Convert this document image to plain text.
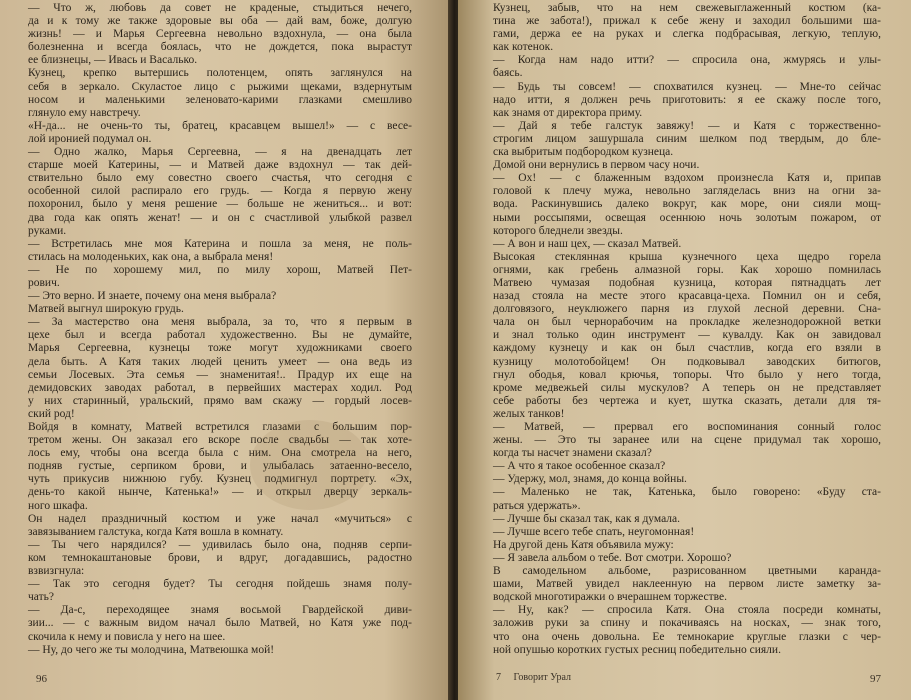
— Что ж, любовь да совет не краденые, стыдиться нечего,
да и к тому же также здоровые вы оба — дай вам, боже, долгую
жизнь! — и Марья Сергеевна невольно вздохнула, — она была
болезненна и всегда боялась, что не дождется, пока вырастут
ее близнецы, — Ивась и Васалько.
Кузнец, крепко вытершись полотенцем, опять заглянулся на
себя в зеркало. Скуластое лицо с рыжими щеками, вздернутым
носом и маленькими зеленовато-карими глазками смешливо
глянуло ему навстречу.
«Н-да... не очень-то ты, братец, красавцем вышел!» — с весе-
лой иронией подумал он.
— Одно жалко, Марья Сергеевна, — я на двенадцать лет
старше моей Катерины, — и Матвей даже вздохнул — так дей-
ствительно было ему совестно своего счастья, что сегодня с
особенной силой распирало его грудь. — Когда я первую жену
похоронил, было у меня решение — больше не жениться... и вот:
два года как опять женат! — и он с счастливой улыбкой развел
руками.
— Встретилась мне моя Катерина и пошла за меня, не поль-
стилась на молоденьких, как она, а выбрала меня!
— Не по хорошему мил, по милу хорош, Матвей Пет-
рович.
— Это верно. И знаете, почему она меня выбрала?
Матвей выгнул широкую грудь.
— За мастерство она меня выбрала, за то, что я первым в
цехе был и всегда работал художественно. Вы не думайте,
Марья Сергеевна, кузнецы тоже могут художниками своего
дела быть. А Катя таких людей ценить умеет — она ведь из
семьи Лосевых. Эта семья — знаменитая!.. Прадур их еще на
демидовских заводах работал, в первейших мастерах ходил. Род
у них старинный, уральский, прямо вам скажу — гордый лосев-
ский род!
Войдя в комнату, Матвей встретился глазами с большим пор-
третом жены. Он заказал его вскоре после свадьбы — так хоте-
лось ему, чтобы она всегда была с ним. Она смотрела на него,
подняв густые, серпиком брови, и улыбалась затаенно-весело,
чуть прикусив нижнюю губу. Кузнец подмигнул портрету. «Эх,
день-то какой нынче, Катенька!» — и открыл дверцу зеркаль-
ного шкафа.
Он надел праздничный костюм и уже начал «мучиться» с
завязыванием галстука, когда Катя вошла в комнату.
— Ты чего нарядился? — удивилась было она, подняв серпи-
ком темнокаштановые брови, и вдруг, догадавшись, радостно
взвизгнула:
— Так это сегодня будет? Ты сегодня пойдешь знамя полу-
чать?
— Да-с, переходящее знамя восьмой Гвардейской диви-
зии... — с важным видом начал было Матвей, но Катя уже под-
скочила к нему и повисла у него на шее.
— Ну, до чего же ты молодчина, Матвеюшка мой!
96
Кузнец, забыв, что на нем свежевыглаженный костюм (ка-
тина же забота!), прижал к себе жену и заходил большими ша-
гами, держа ее на руках и слегка подбрасывая, легкую, теплую,
как котенок.
— Когда нам надо итти? — спросила она, жмурясь и улы-
баясь.
— Будь ты совсем! — спохватился кузнец. — Мне-то сейчас
надо итти, я должен речь приготовить: я ее скажу после того,
как знамя от директора приму.
— Дай я тебе галстук завяжу! — и Катя с торжественно-
строгим лицом зашуршала синим шелком под твердым, до бле-
ска выбритым подбородком кузнеца.
Домой они вернулись в первом часу ночи.
— Ох! — с блаженным вздохом произнесла Катя и, припав
головой к плечу мужа, невольно загляделась вниз на огни за-
вода. Раскинувшись далеко вокруг, как море, они сияли мощ-
ными россыпями, освещая осеннюю ночь золотым пожаром, от
которого бледнели звезды.
— А вон и наш цех, — сказал Матвей.
Высокая стеклянная крыша кузнечного цеха щедро горела
огнями, как гребень алмазной горы. Как хорошо помнилась
Матвею чумазая подобная кузница, которая пятнадцать лет
назад стояла на месте этого красавца-цеха. Помнил он и себя,
долговязого, неуклюжего парня из глухой лесной деревни. Сна-
чала он был чернорабочим на прокладке железнодорожной ветки
и знал только один инструмент — кувалду. Как он завидовал
каждому кузнецу и как он был счастлив, когда его взяли в
кузницу молотобойцем! Он подковывал заводских битюгов,
гнул ободья, ковал крючья, топоры. Что было у него тогда,
кроме медвежьей силы мускулов? А теперь он не представляет
себе работы без чертежа и кует, шутка сказать, детали для тя-
желых танков!
— Матвей, — прервал его воспоминания сонный голос
жены. — Это ты заранее или на сцене придумал так хорошо,
когда ты насчет знамени сказал?
— А что я такое особенное сказал?
— Удержу, мол, знамя, до конца войны.
— Маленько не так, Катенька, было говорено: «Буду ста-
раться удержать».
— Лучше бы сказал так, как я думала.
— Лучше всего тебе спать, неугомонная!
На другой день Катя объявила мужу:
— Я завела альбом о тебе. Вот смотри. Хорошо?
В самодельном альбоме, разрисованном цветными каранда-
шами, Матвей увидел наклеенную на первом листе заметку за-
водской многотиражки о вчерашнем торжестве.
— Ну, как? — спросила Катя. Она стояла посреди комнаты,
заложив руки за спину и покачиваясь на носках, — знак того,
что она очень довольна. Ее темнокарие круглые глазки с чер-
ной опушью коротких густых ресниц победительно сияли.
7 Говорит Урал	97
